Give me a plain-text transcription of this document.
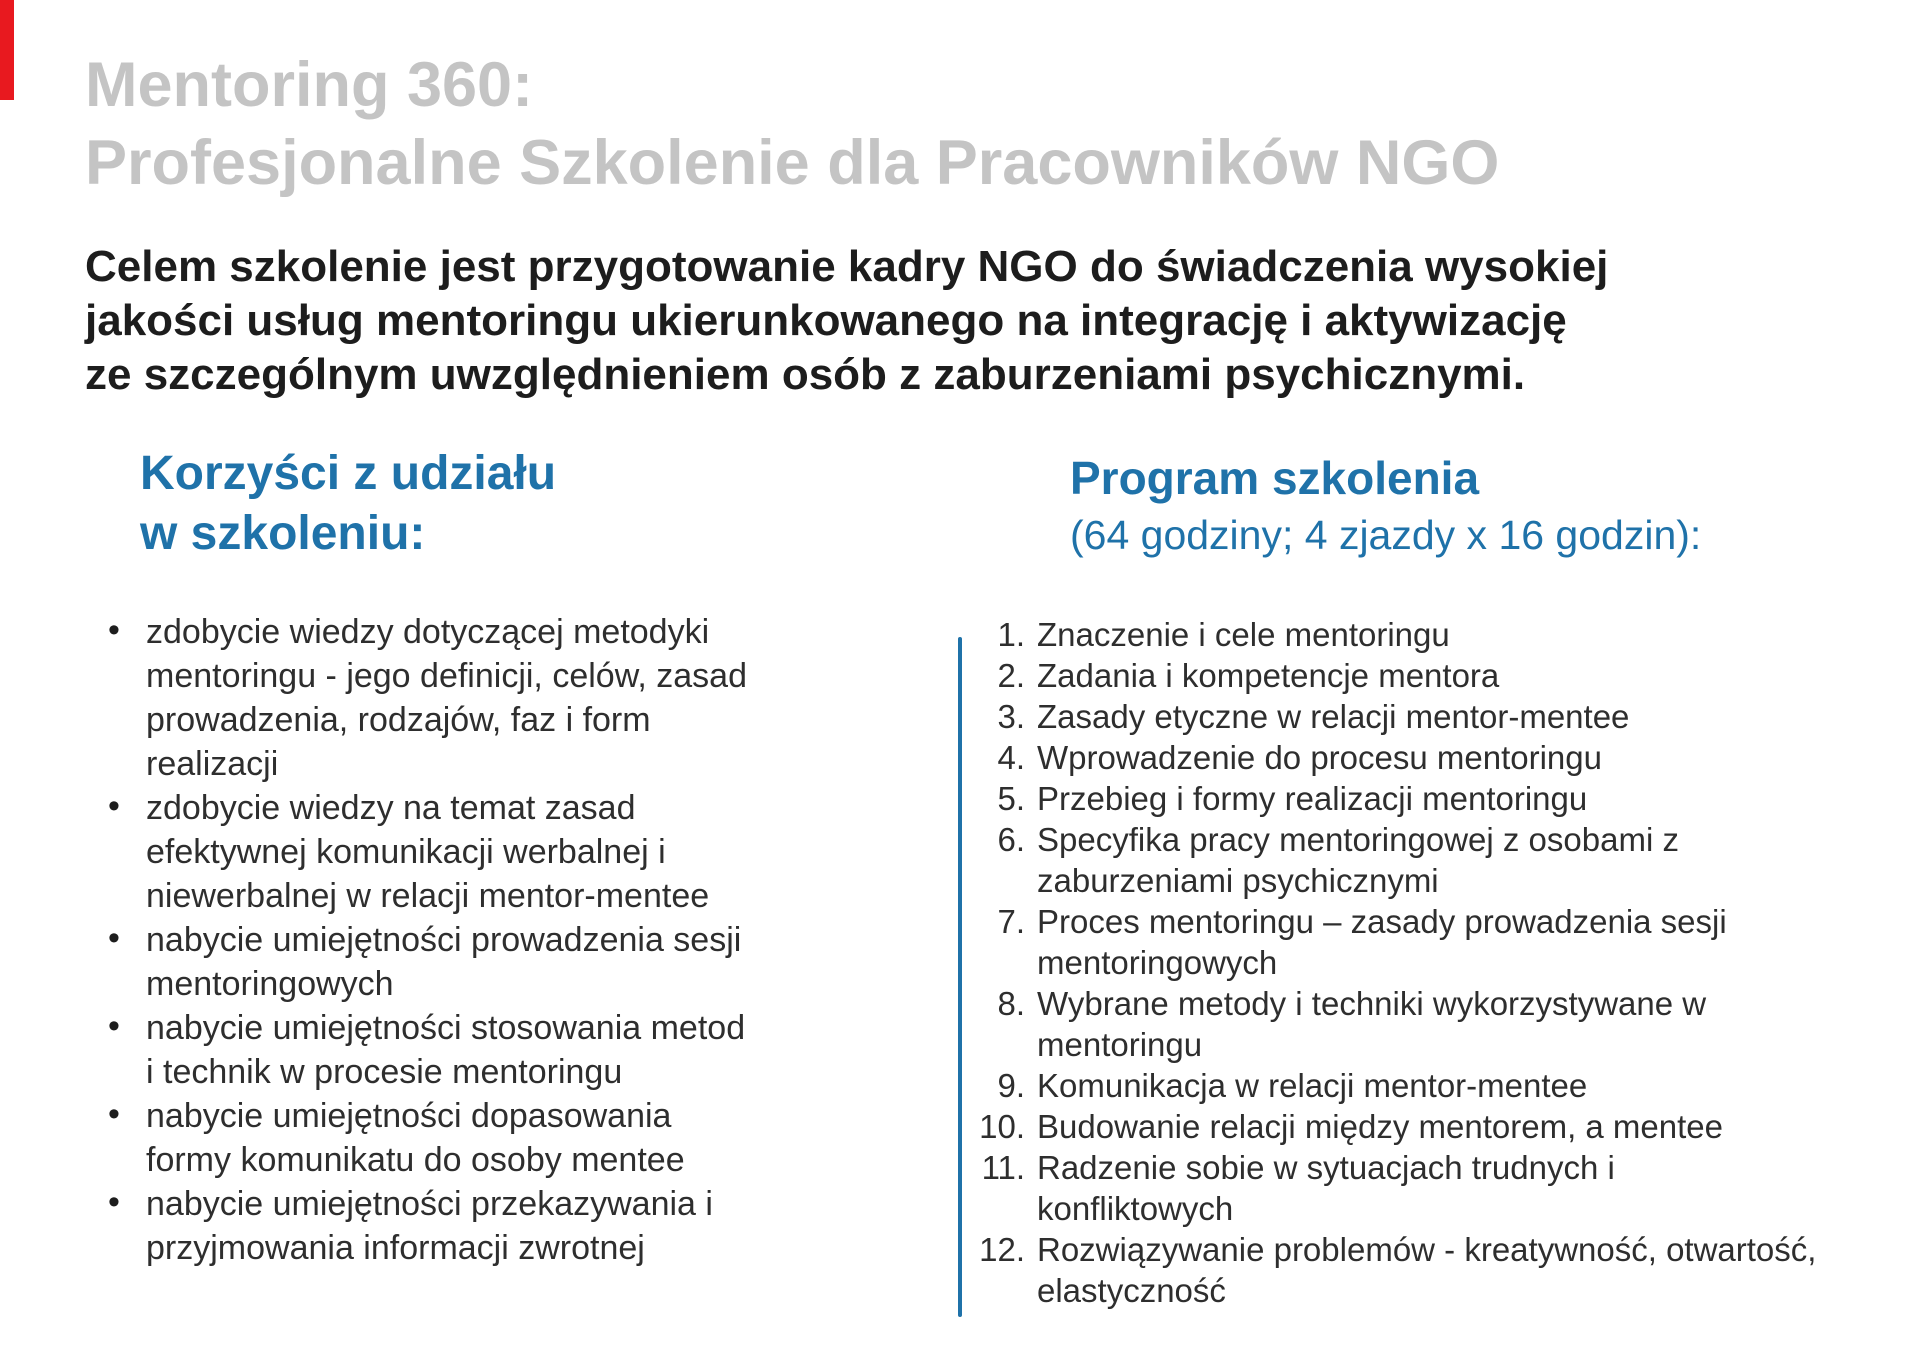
Mentoring 360:
Profesjonalne Szkolenie dla Pracowników NGO

Celem szkolenie jest przygotowanie kadry NGO do świadczenia wysokiej
jakości usług mentoringu ukierunkowanego na integrację i aktywizację
ze szczególnym uwzględnieniem osób z zaburzeniami psychicznymi.

Korzyści z udziału
w szkoleniu:
• zdobycie wiedzy dotyczącej metodyki mentoringu - jego definicji, celów, zasad prowadzenia, rodzajów, faz i form realizacji
• zdobycie wiedzy na temat zasad efektywnej komunikacji werbalnej i niewerbalnej w relacji mentor-mentee
• nabycie umiejętności prowadzenia sesji mentoringowych
• nabycie umiejętności stosowania metod i technik w procesie mentoringu
• nabycie umiejętności dopasowania formy komunikatu do osoby mentee
• nabycie umiejętności przekazywania i przyjmowania informacji zwrotnej
Program szkolenia
(64 godziny; 4 zjazdy x 16 godzin):
1. Znaczenie i cele mentoringu
2. Zadania i kompetencje mentora
3. Zasady etyczne w relacji mentor-mentee
4. Wprowadzenie do procesu mentoringu
5. Przebieg i formy realizacji mentoringu
6. Specyfika pracy mentoringowej z osobami z zaburzeniami psychicznymi
7. Proces mentoringu – zasady prowadzenia sesji mentoringowych
8. Wybrane metody i techniki wykorzystywane w mentoringu
9. Komunikacja w relacji mentor-mentee
10. Budowanie relacji między mentorem, a mentee
11. Radzenie sobie w sytuacjach trudnych i konfliktowych
12. Rozwiązywanie problemów - kreatywność, otwartość, elastyczność
